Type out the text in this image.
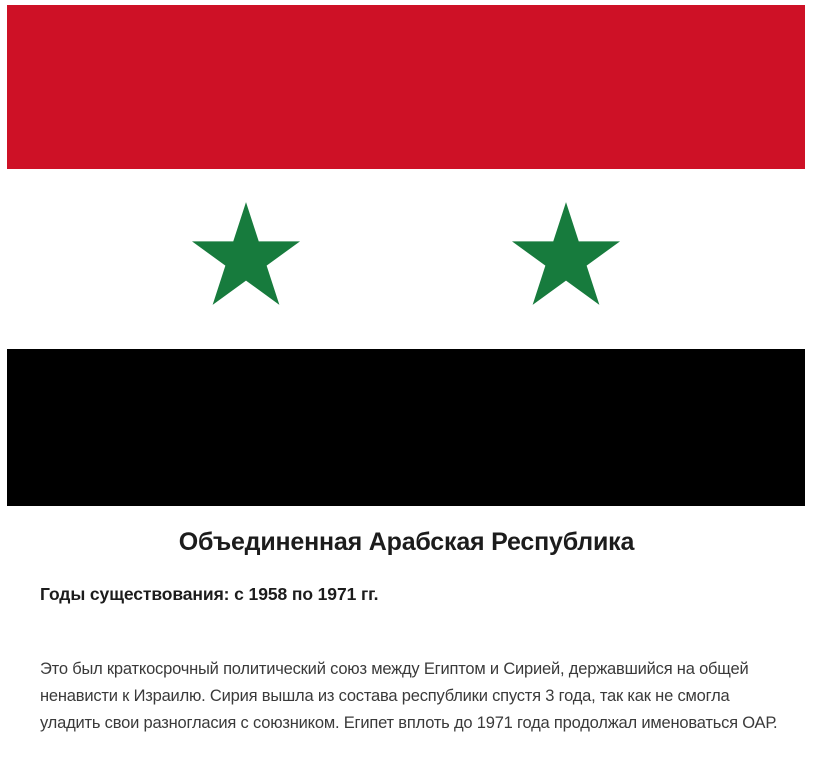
Объединенная Арабская Республика
Годы существования: с 1958 по 1971 гг.

Это был краткосрочный политический союз между Египтом и Сирией, державшийся на общей ненависти к Израилю. Сирия вышла из состава республики спустя 3 года, так как не смогла уладить свои разногласия с союзником. Египет вплоть до 1971 года продолжал именоваться ОАР.
